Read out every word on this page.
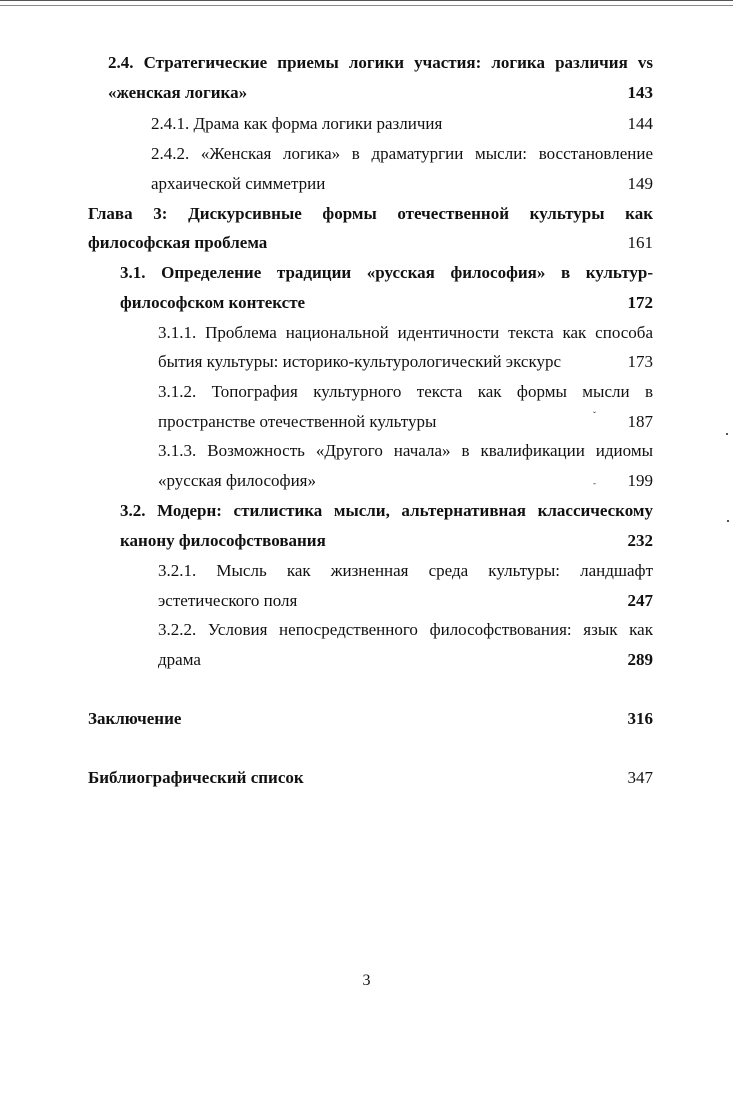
2.4. Стратегические приемы логики участия: логика различия vs
«женская логика»	143
2.4.1. Драма как форма логики различия	144
2.4.2. «Женская логика» в драматургии мысли: восстановление
архаической симметрии	149
Глава 3: Дискурсивные формы отечественной культуры как
философская проблема	161
3.1. Определение традиции «русская философия» в культур-
философском контексте	172
3.1.1. Проблема национальной идентичности текста как способа
бытия культуры: историко-культурологический экскурс	173
3.1.2. Топография культурного текста как формы мысли в
пространстве отечественной культуры	ˇ 187
3.1.3. Возможность «Другого начала» в квалификации идиомы
«русская философия»	- 199
3.2. Модерн: стилистика мысли, альтернативная классическому
канону философствования	232
3.2.1. Мысль как жизненная среда культуры: ландшафт
эстетического поля	247
3.2.2. Условия непосредственного философствования: язык как
драма	289
Заключение	316
Библиографический список	347
3
